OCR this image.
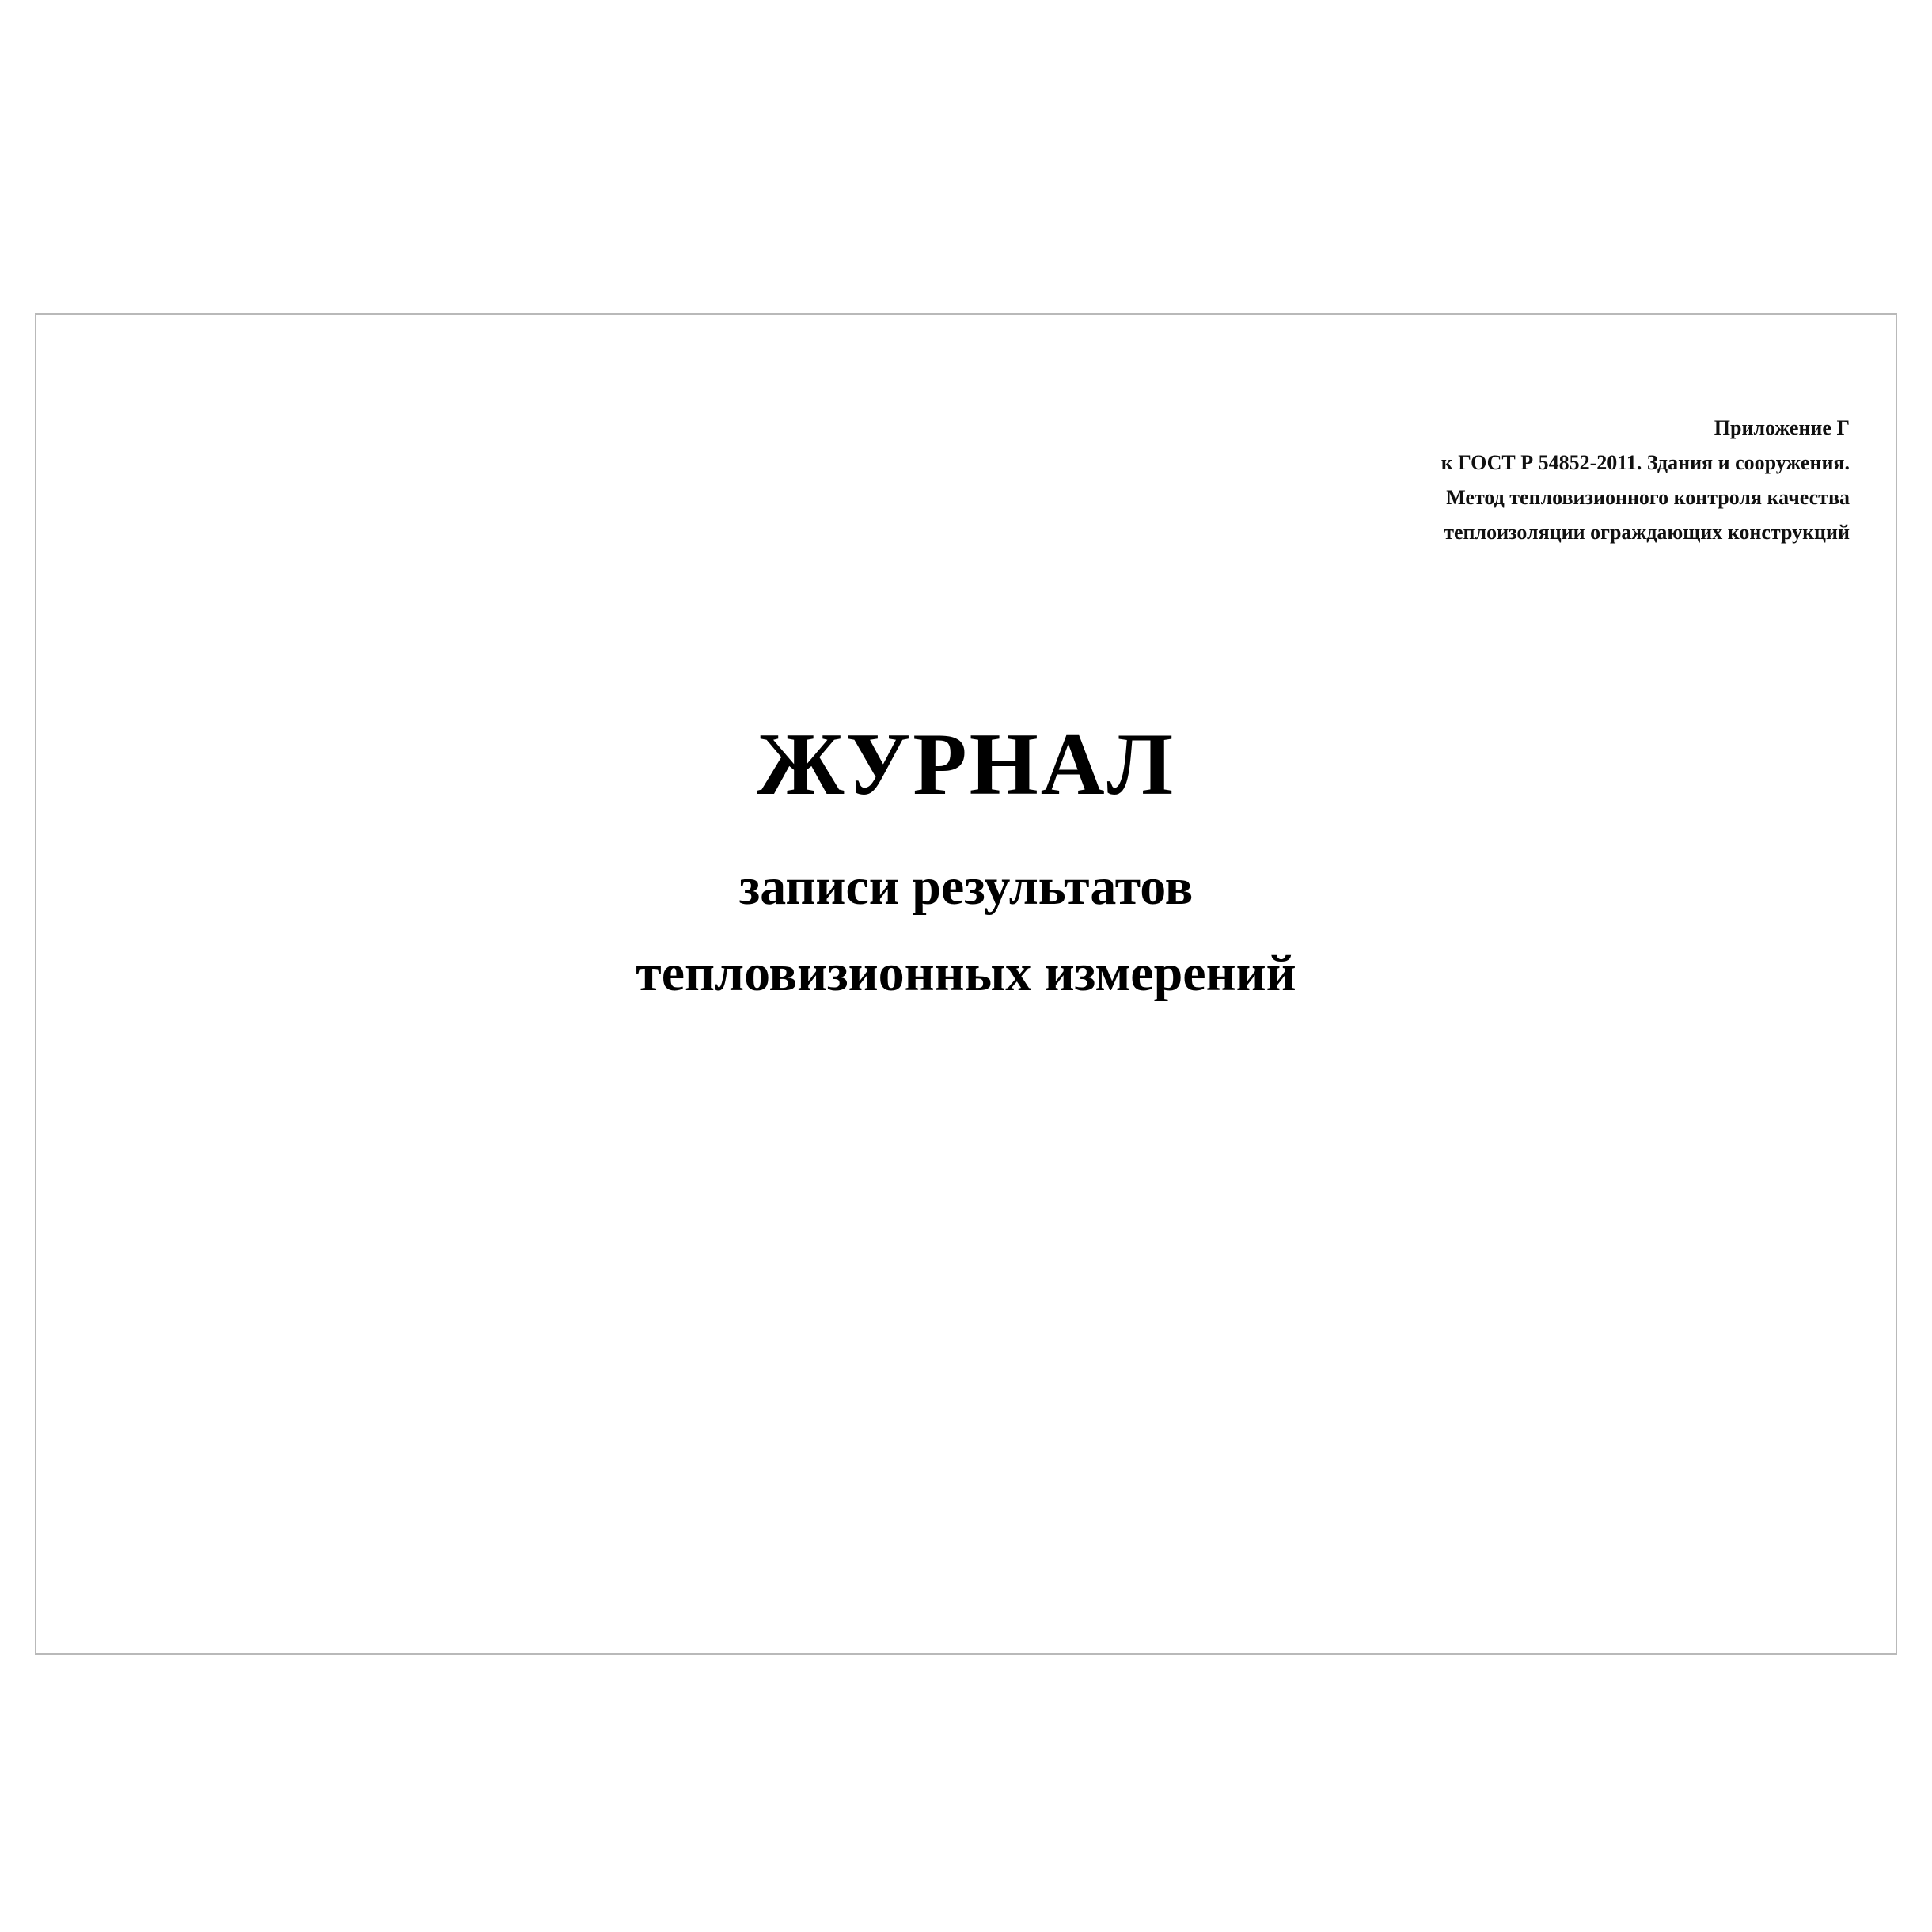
Приложение Г
к ГОСТ Р 54852-2011. Здания и сооружения.
Метод тепловизионного контроля качества
теплоизоляции ограждающих конструкций
ЖУРНАЛ
записи результатов
тепловизионных измерений
